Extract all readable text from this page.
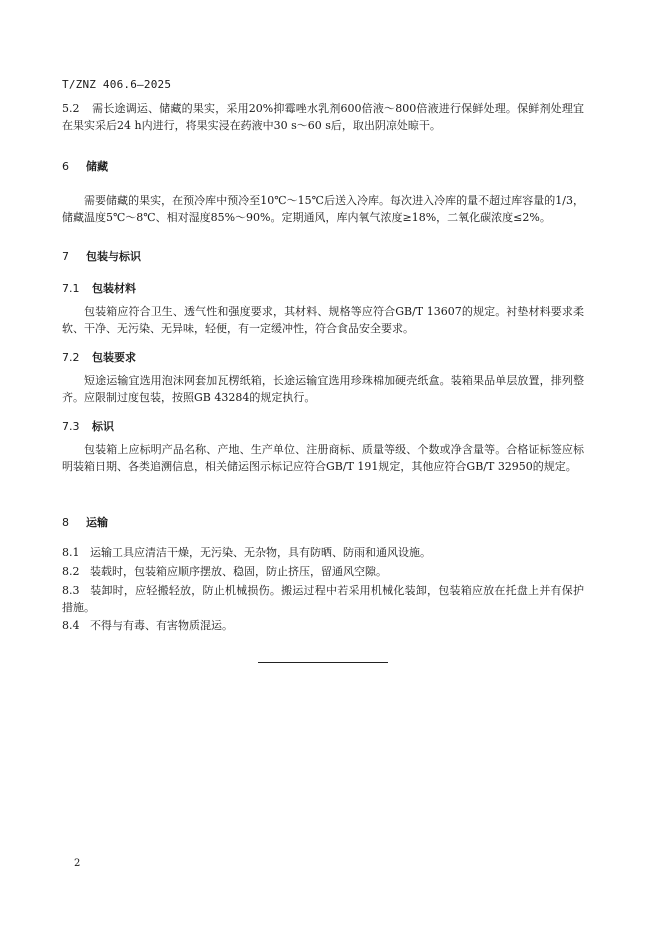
T/ZNZ 406.6—2025

5.2 需长途调运、储藏的果实，采用20%抑霉唑水乳剂600倍液～800倍液进行保鲜处理。保鲜剂处理宜在果实采后24 h内进行，将果实浸在药液中30 s～60 s后，取出阴凉处晾干。

6 储藏

需要储藏的果实，在预冷库中预冷至10℃～15℃后送入冷库。每次进入冷库的量不超过库容量的1/3，储藏温度5℃～8℃、相对湿度85%～90%。定期通风，库内氧气浓度≥18%，二氧化碳浓度≤2%。

7 包装与标识
7.1 包装材料

包装箱应符合卫生、透气性和强度要求，其材料、规格等应符合GB/T 13607的规定。衬垫材料要求柔软、干净、无污染、无异味，轻便，有一定缓冲性，符合食品安全要求。

7.2 包装要求

短途运输宜选用泡沫网套加瓦楞纸箱，长途运输宜选用珍珠棉加硬壳纸盒。装箱果品单层放置，排列整齐。应限制过度包装，按照GB 43284的规定执行。

7.3 标识

包装箱上应标明产品名称、产地、生产单位、注册商标、质量等级、个数或净含量等。合格证标签应标明装箱日期、各类追溯信息，相关储运图示标记应符合GB/T 191规定，其他应符合GB/T 32950的规定。

8 运输

8.1 运输工具应清洁干燥，无污染、无杂物，具有防晒、防雨和通风设施。

8.2 装载时，包装箱应顺序摆放、稳固，防止挤压，留通风空隙。

8.3 装卸时，应轻搬轻放，防止机械损伤。搬运过程中若采用机械化装卸，包装箱应放在托盘上并有保护措施。

8.4 不得与有毒、有害物质混运。

2
